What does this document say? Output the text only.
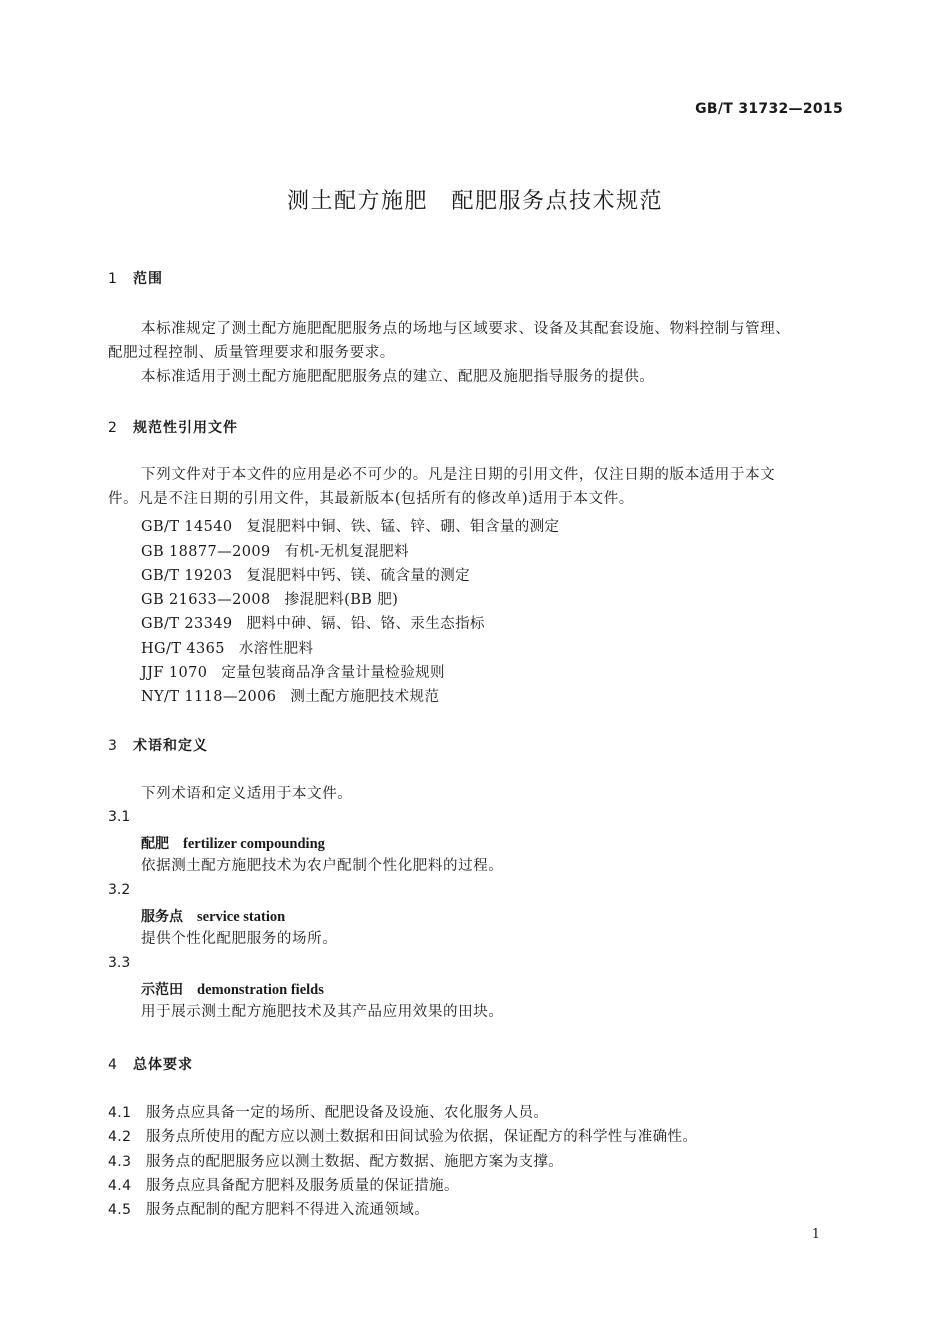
GB/T 31732—2015
测土配方施肥　配肥服务点技术规范
1 范围
本标准规定了测土配方施肥配肥服务点的场地与区域要求、设备及其配套设施、物料控制与管理、
配肥过程控制、质量管理要求和服务要求。
本标准适用于测土配方施肥配肥服务点的建立、配肥及施肥指导服务的提供。
2 规范性引用文件
下列文件对于本文件的应用是必不可少的。凡是注日期的引用文件，仅注日期的版本适用于本文
件。凡是不注日期的引用文件，其最新版本(包括所有的修改单)适用于本文件。
GB/T 14540 复混肥料中铜、铁、锰、锌、硼、钼含量的测定
GB 18877—2009 有机-无机复混肥料
GB/T 19203 复混肥料中钙、镁、硫含量的测定
GB 21633—2008 掺混肥料(BB 肥)
GB/T 23349 肥料中砷、镉、铅、铬、汞生态指标
HG/T 4365 水溶性肥料
JJF 1070 定量包装商品净含量计量检验规则
NY/T 1118—2006 测土配方施肥技术规范
3 术语和定义
下列术语和定义适用于本文件。
3.1
配肥 fertilizer compounding
依据测土配方施肥技术为农户配制个性化肥料的过程。
3.2
服务点 service station
提供个性化配肥服务的场所。
3.3
示范田 demonstration fields
用于展示测土配方施肥技术及其产品应用效果的田块。
4 总体要求
4.1 服务点应具备一定的场所、配肥设备及设施、农化服务人员。
4.2 服务点所使用的配方应以测土数据和田间试验为依据，保证配方的科学性与准确性。
4.3 服务点的配肥服务应以测土数据、配方数据、施肥方案为支撑。
4.4 服务点应具备配方肥料及服务质量的保证措施。
4.5 服务点配制的配方肥料不得进入流通领域。
1
